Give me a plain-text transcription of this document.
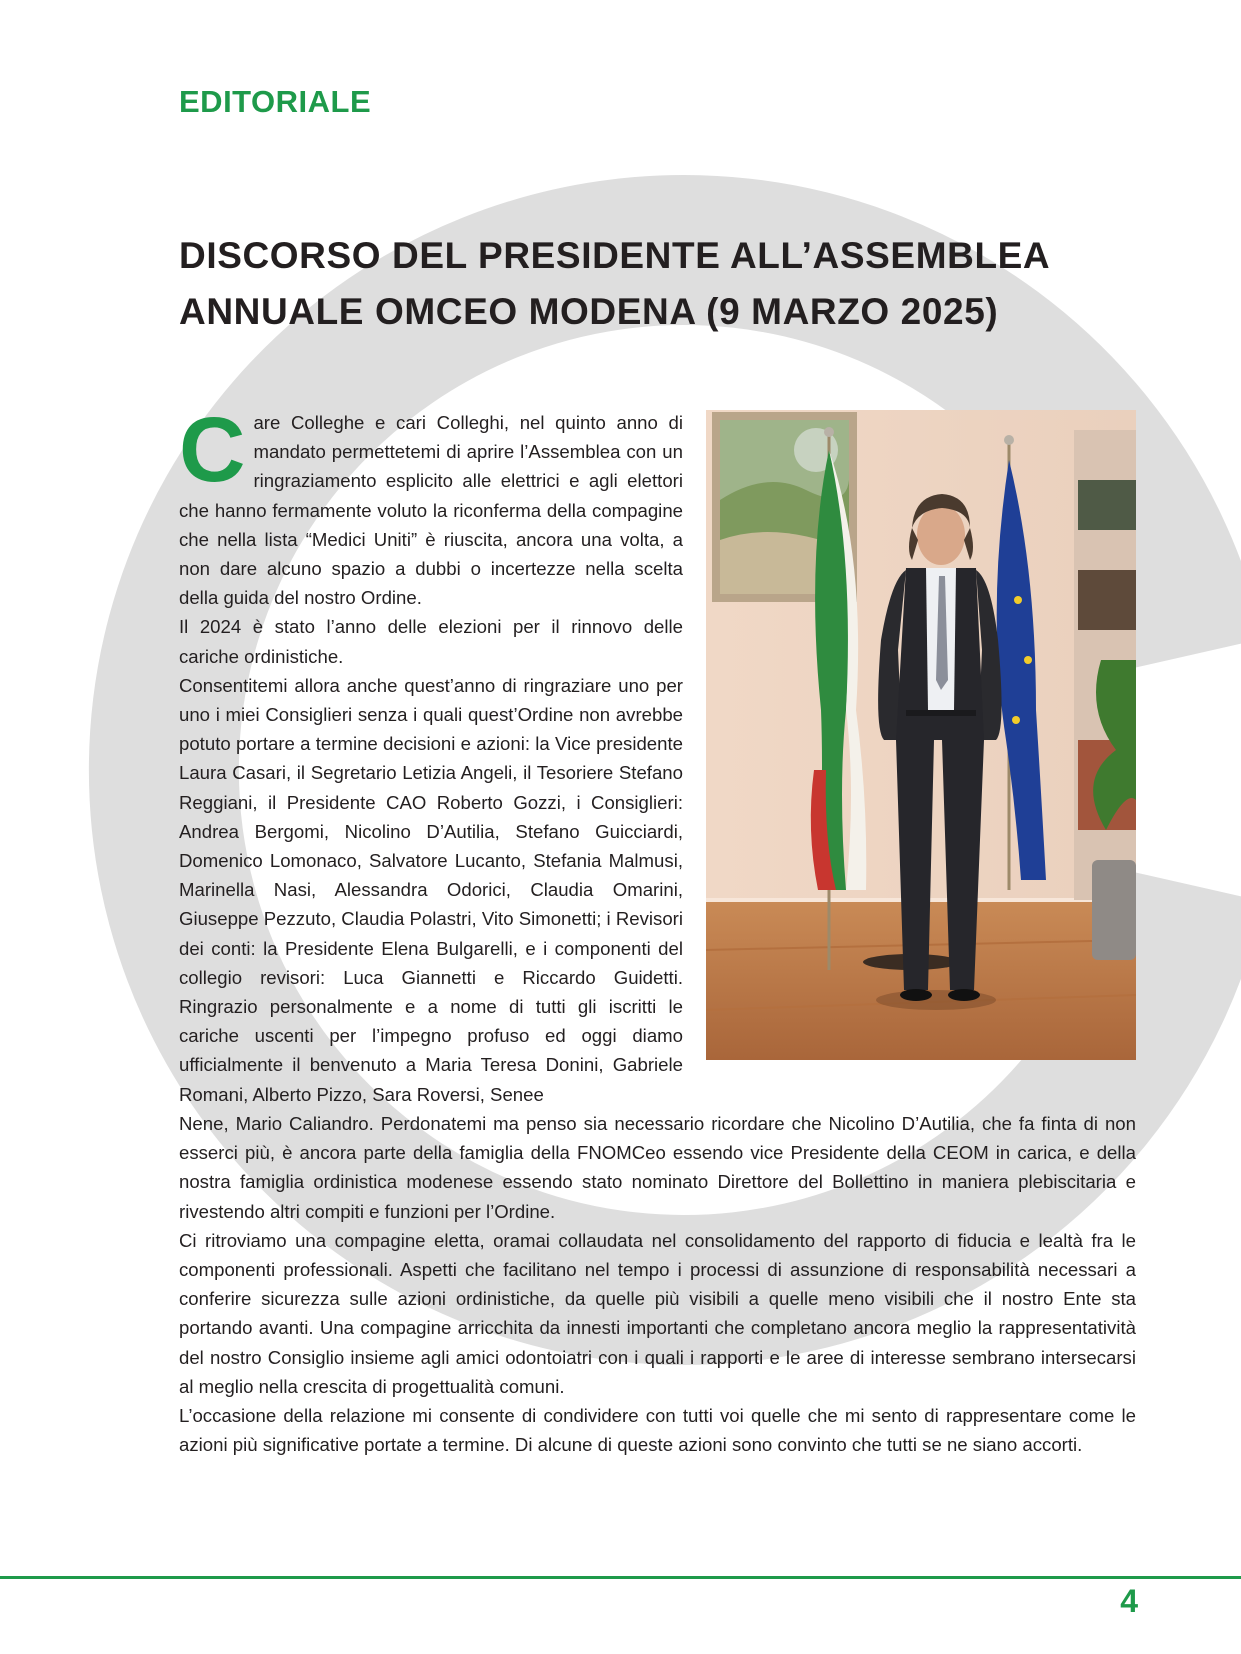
EDITORIALE
DISCORSO DEL PRESIDENTE ALL’ASSEMBLEA
ANNUALE OMCEO MODENA (9 MARZO 2025)

Care Colleghe e cari Colleghi, nel quinto anno di mandato permettetemi di aprire l’Assemblea con un ringraziamento esplicito alle elettrici e agli elettori che hanno fermamente voluto la riconferma della compagine che nella lista “Medici Uniti” è riuscita, ancora una volta, a non dare alcuno spazio a dubbi o incertezze nella scelta della guida del nostro Ordine.

Il 2024 è stato l’anno delle elezioni per il rinnovo delle cariche ordinistiche.

Consentitemi allora anche quest’anno di ringraziare uno per uno i miei Consiglieri senza i quali quest’Ordine non avrebbe potuto portare a termine decisioni e azioni: la Vice presidente Laura Casari, il Segretario Letizia Angeli, il Tesoriere Stefano Reggiani, il Presidente CAO Roberto Gozzi, i Consiglieri: Andrea Bergomi, Nicolino D’Autilia, Stefano Guicciardi, Domenico Lomonaco, Salvatore Lucanto, Stefania Malmusi, Marinella Nasi, Alessandra Odorici, Claudia Omarini, Giuseppe Pezzuto, Claudia Polastri, Vito Simonetti; i Revisori dei conti: la Presidente Elena Bulgarelli, e i componenti del collegio revisori: Luca Giannetti e Riccardo Guidetti. Ringrazio personalmente e a nome di tutti gli iscritti le cariche uscenti per l’impegno profuso ed oggi diamo ufficialmente il benvenuto a Maria Teresa Donini, Gabriele Romani, Alberto Pizzo, Sara Roversi, Senee

Nene, Mario Caliandro. Perdonatemi ma penso sia necessario ricordare che Nicolino D’Autilia, che fa finta di non esserci più, è ancora parte della famiglia della FNOMCeo essendo vice Presidente della CEOM in carica, e della nostra famiglia ordinistica modenese essendo stato nominato Direttore del Bollettino in maniera plebiscitaria e rivestendo altri compiti e funzioni per l’Ordine.

Ci ritroviamo una compagine eletta, oramai collaudata nel consolidamento del rapporto di fiducia e lealtà fra le componenti professionali. Aspetti che facilitano nel tempo i processi di assunzione di responsabilità necessari a conferire sicurezza sulle azioni ordinistiche, da quelle più visibili a quelle meno visibili che il nostro Ente sta portando avanti. Una compagine arricchita da innesti importanti che completano ancora meglio la rappresentatività del nostro Consiglio insieme agli amici odontoiatri con i quali i rapporti e le aree di interesse sembrano intersecarsi al meglio nella crescita di progettualità comuni.

L’occasione della relazione mi consente di condividere con tutti voi quelle che mi sento di rappresentare come le azioni più significative portate a termine. Di alcune di queste azioni sono convinto che tutti se ne siano accorti.

4
